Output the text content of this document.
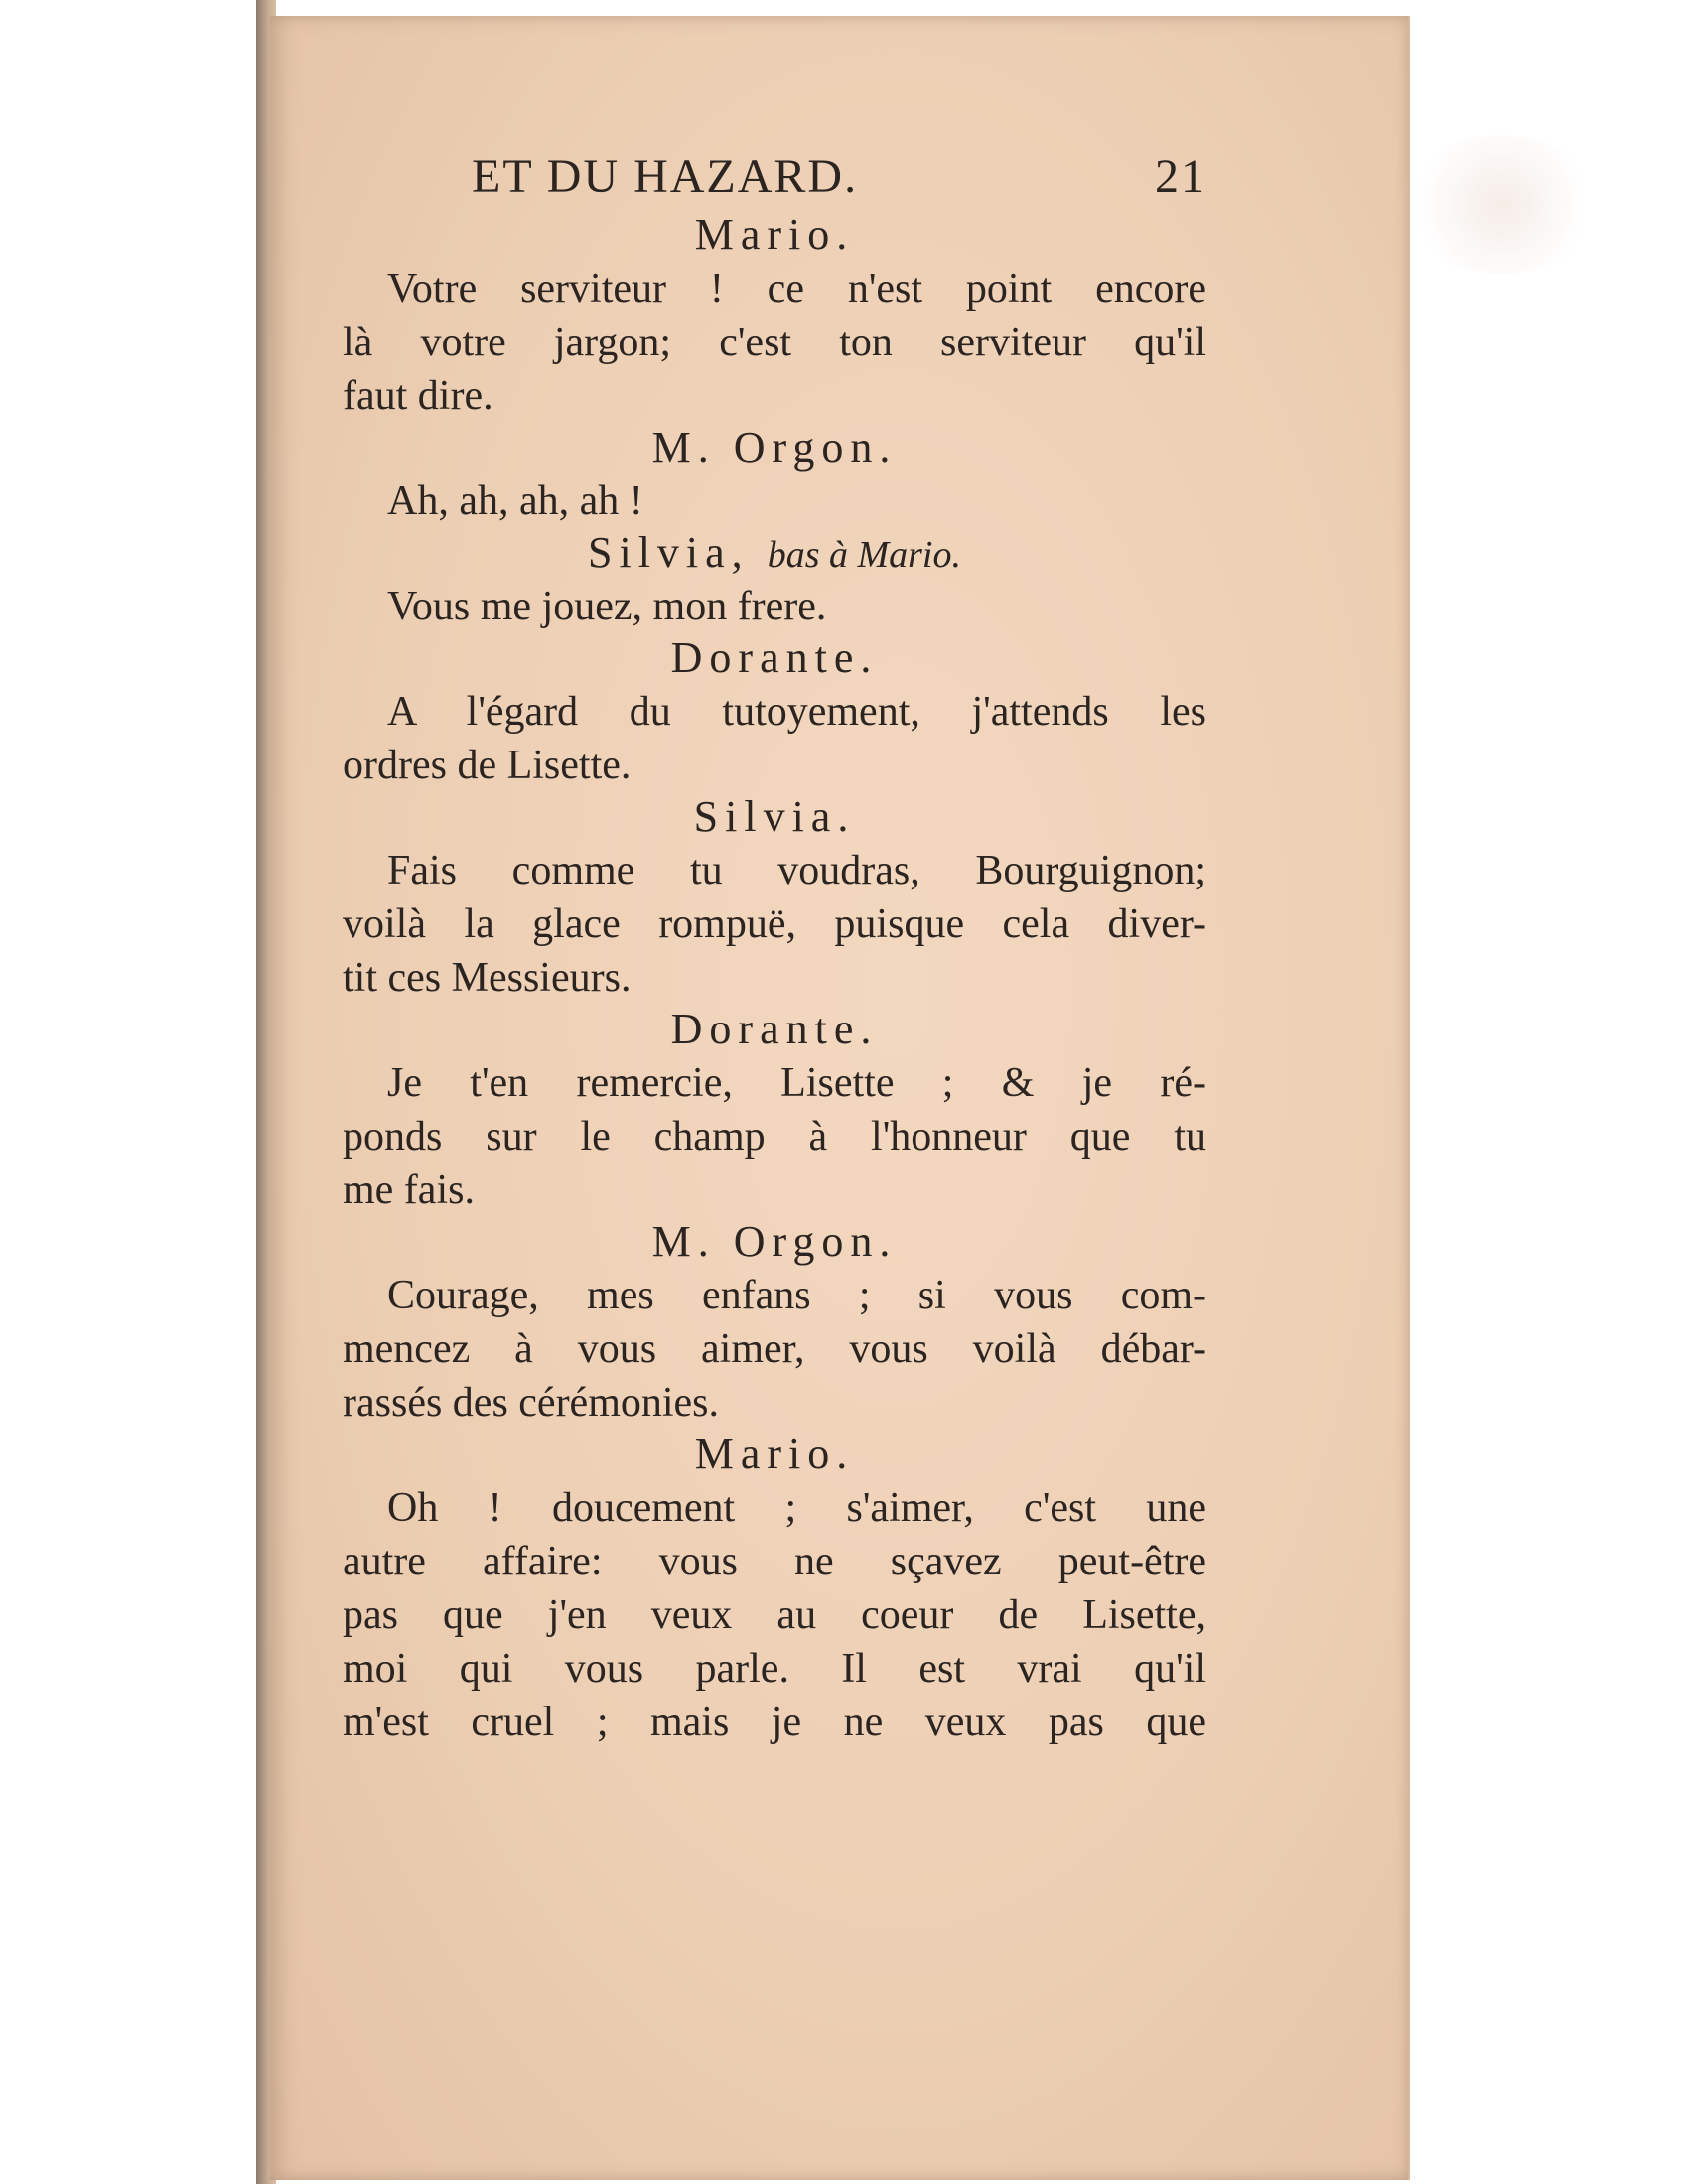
ET DU HAZARD.	21

Mario.

Votre serviteur ! ce n'est point encore

là votre jargon; c'est ton serviteur qu'il

faut dire.

M. Orgon.

Ah, ah, ah, ah !

Silvia, bas à Mario.

Vous me jouez, mon frere.

Dorante.

A l'égard du tutoyement, j'attends les

ordres de Lisette.

Silvia.

Fais comme tu voudras, Bourguignon;

voilà la glace rompuë, puisque cela diver-

tit ces Messieurs.

Dorante.

Je t'en remercie, Lisette ; & je ré-

ponds sur le champ à l'honneur que tu

me fais.

M. Orgon.

Courage, mes enfans ; si vous com-

mencez à vous aimer, vous voilà débar-

rassés des cérémonies.

Mario.

Oh ! doucement ; s'aimer, c'est une

autre affaire: vous ne sçavez peut-être

pas que j'en veux au coeur de Lisette,

moi qui vous parle. Il est vrai qu'il

m'est cruel ; mais je ne veux pas que
